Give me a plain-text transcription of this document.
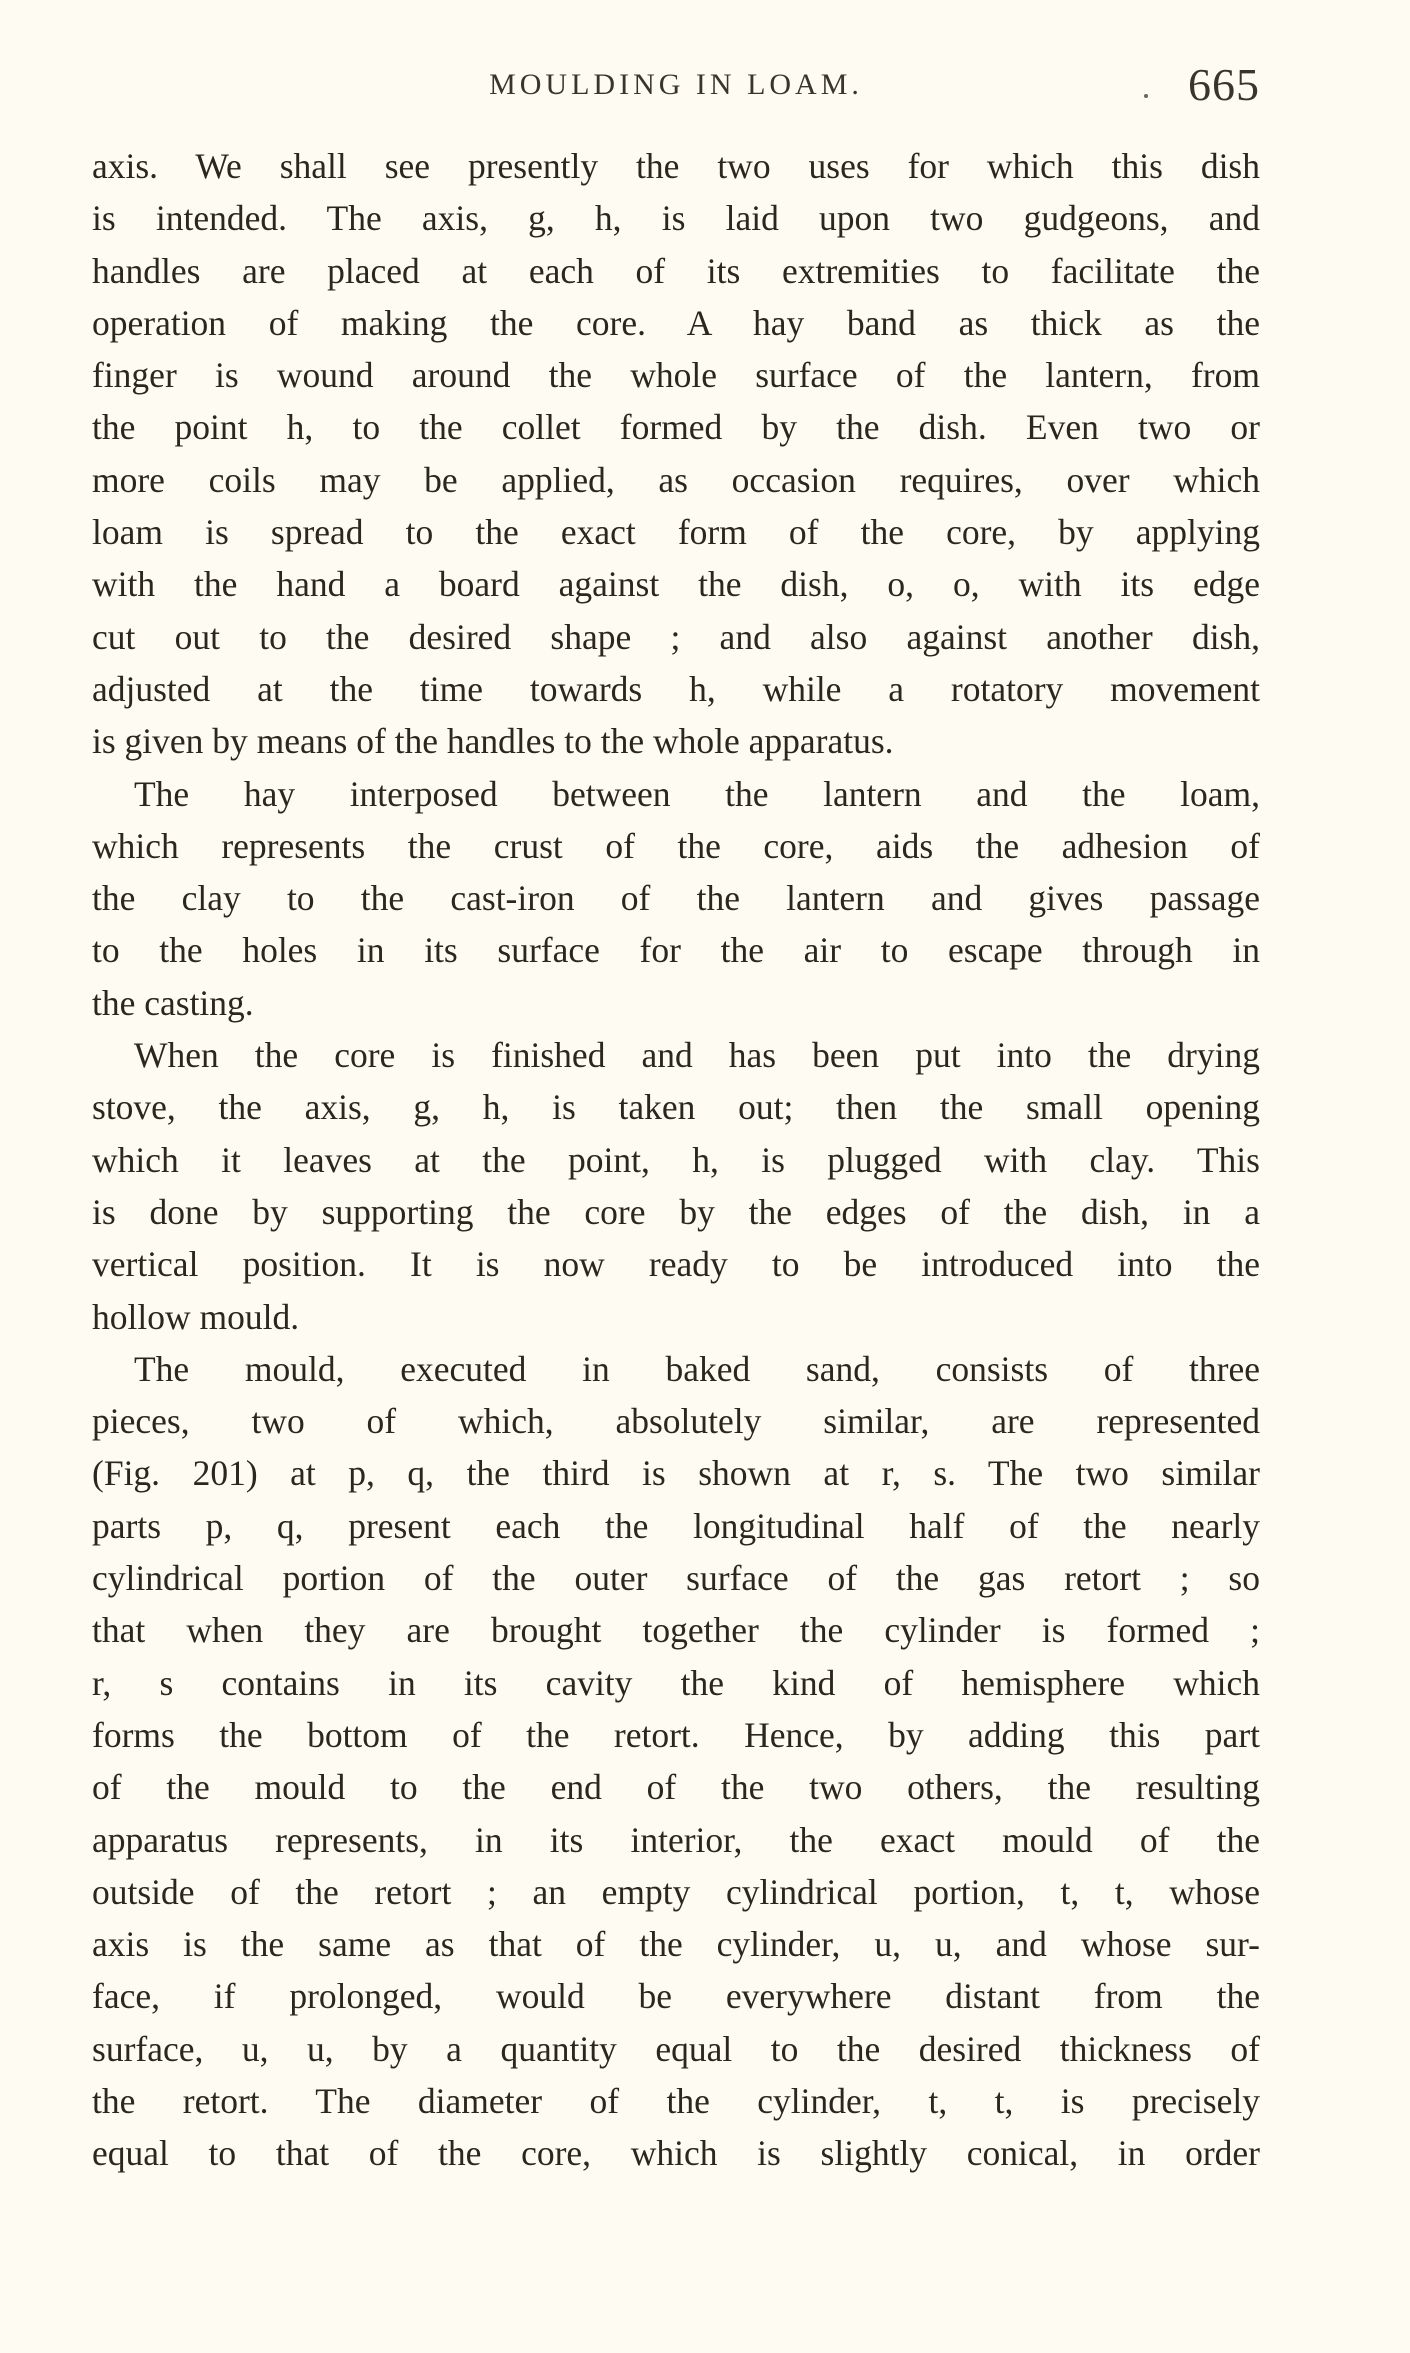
MOULDING IN LOAM.	665
axis. We shall see presently the two uses for which this dish
is intended. The axis, g, h, is laid upon two gudgeons, and
handles are placed at each of its extremities to facilitate the
operation of making the core. A hay band as thick as the
finger is wound around the whole surface of the lantern, from
the point h, to the collet formed by the dish. Even two or
more coils may be applied, as occasion requires, over which
loam is spread to the exact form of the core, by applying
with the hand a board against the dish, o, o, with its edge
cut out to the desired shape ; and also against another dish,
adjusted at the time towards h, while a rotatory movement
is given by means of the handles to the whole apparatus.
The hay interposed between the lantern and the loam,
which represents the crust of the core, aids the adhesion of
the clay to the cast-iron of the lantern and gives passage
to the holes in its surface for the air to escape through in
the casting.
When the core is finished and has been put into the drying
stove, the axis, g, h, is taken out; then the small opening
which it leaves at the point, h, is plugged with clay. This
is done by supporting the core by the edges of the dish, in a
vertical position. It is now ready to be introduced into the
hollow mould.
The mould, executed in baked sand, consists of three
pieces, two of which, absolutely similar, are represented
(Fig. 201) at p, q, the third is shown at r, s. The two similar
parts p, q, present each the longitudinal half of the nearly
cylindrical portion of the outer surface of the gas retort ; so
that when they are brought together the cylinder is formed ;
r, s contains in its cavity the kind of hemisphere which
forms the bottom of the retort. Hence, by adding this part
of the mould to the end of the two others, the resulting
apparatus represents, in its interior, the exact mould of the
outside of the retort ; an empty cylindrical portion, t, t, whose
axis is the same as that of the cylinder, u, u, and whose sur-
face, if prolonged, would be everywhere distant from the
surface, u, u, by a quantity equal to the desired thickness of
the retort. The diameter of the cylinder, t, t, is precisely
equal to that of the core, which is slightly conical, in order
